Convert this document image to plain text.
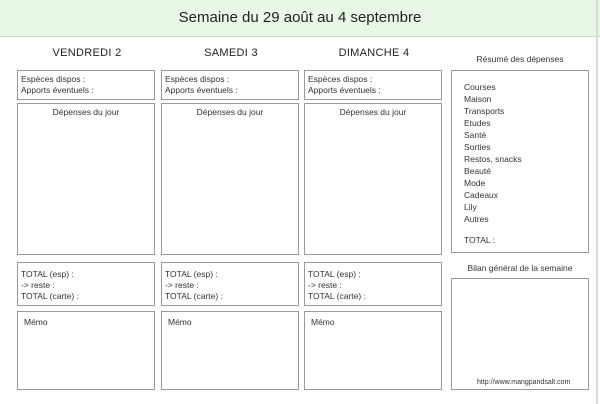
Semaine du 29 août au 4 septembre
VENDREDI 2
Espèces dispos :
Apports éventuels :
Dépenses du jour
TOTAL (esp) :
-> reste :
TOTAL (carte) :
Mémo
SAMEDI 3
Espèces dispos :
Apports éventuels :
Dépenses du jour
TOTAL (esp) :
-> reste :
TOTAL (carte) :
Mémo
DIMANCHE 4
Espèces dispos :
Apports éventuels :
Dépenses du jour
TOTAL (esp) :
-> reste :
TOTAL (carte) :
Mémo
Résumé des dépenses
Courses
Maison
Transports
Etudes
Santé
Sorties
Restos, snacks
Beauté
Mode
Cadeaux
Lily
Autres
TOTAL :
Bilan général de la semaine
http://www.mangpandsalt.com
